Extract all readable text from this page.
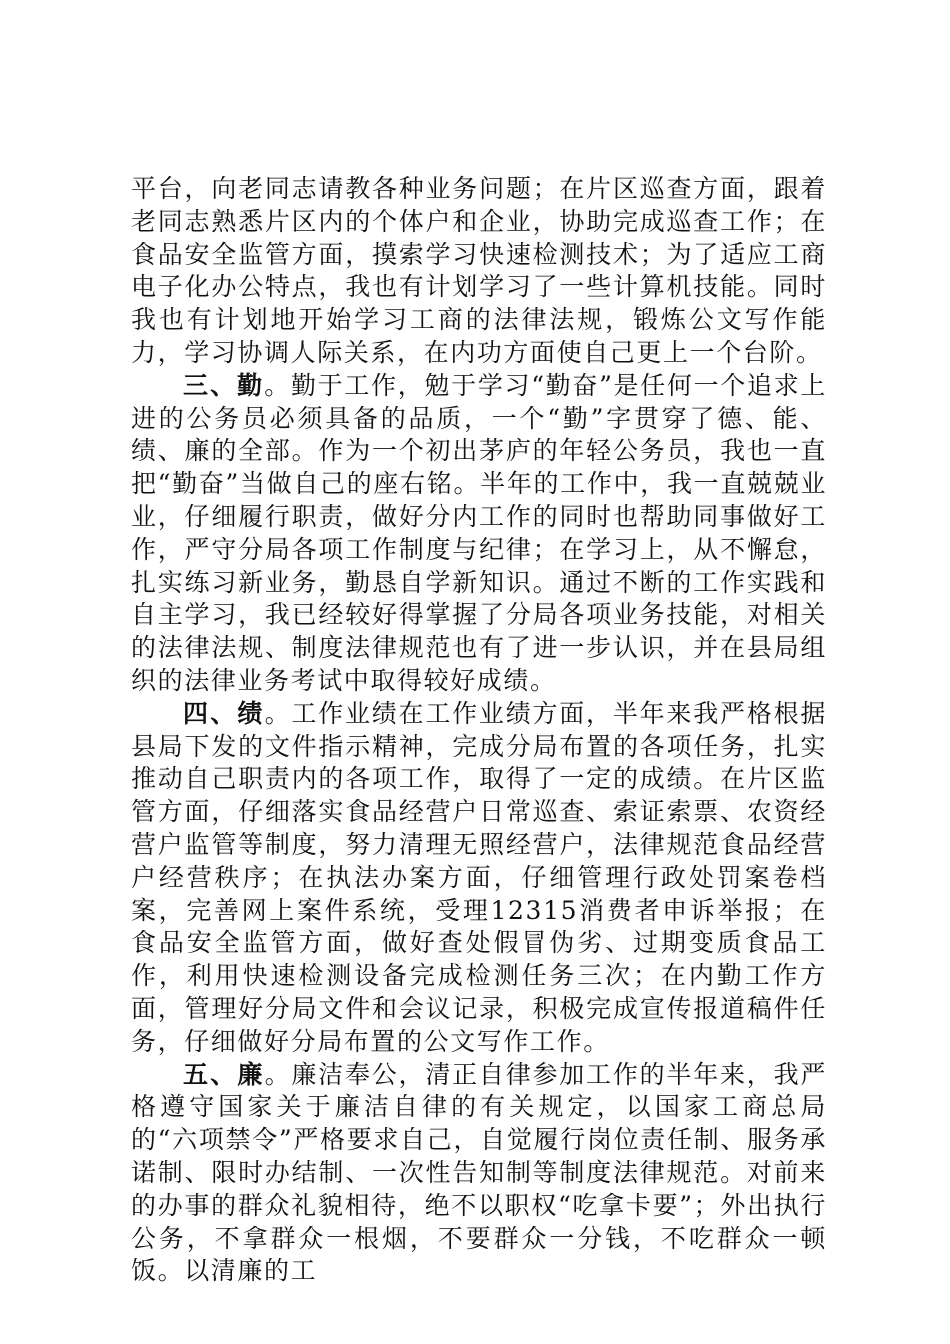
平台，向老同志请教各种业务问题；在片区巡查方面，跟着老同志熟悉片区内的个体户和企业，协助完成巡查工作；在食品安全监管方面，摸索学习快速检测技术；为了适应工商电子化办公特点，我也有计划学习了一些计算机技能。同时我也有计划地开始学习工商的法律法规，锻炼公文写作能力，学习协调人际关系，在内功方面使自己更上一个台阶。

三、勤。勤于工作，勉于学习“勤奋”是任何一个追求上进的公务员必须具备的品质，一个“勤”字贯穿了德、能、绩、廉的全部。作为一个初出茅庐的年轻公务员，我也一直把“勤奋”当做自己的座右铭。半年的工作中，我一直兢兢业业，仔细履行职责，做好分内工作的同时也帮助同事做好工作，严守分局各项工作制度与纪律；在学习上，从不懈怠，扎实练习新业务，勤恳自学新知识。通过不断的工作实践和自主学习，我已经较好得掌握了分局各项业务技能，对相关的法律法规、制度法律规范也有了进一步认识，并在县局组织的法律业务考试中取得较好成绩。

四、绩。工作业绩在工作业绩方面，半年来我严格根据县局下发的文件指示精神，完成分局布置的各项任务，扎实推动自己职责内的各项工作，取得了一定的成绩。在片区监管方面，仔细落实食品经营户日常巡查、索证索票、农资经营户监管等制度，努力清理无照经营户，法律规范食品经营户经营秩序；在执法办案方面，仔细管理行政处罚案卷档案，完善网上案件系统，受理12315消费者申诉举报；在食品安全监管方面，做好查处假冒伪劣、过期变质食品工作，利用快速检测设备完成检测任务三次；在内勤工作方面，管理好分局文件和会议记录，积极完成宣传报道稿件任务，仔细做好分局布置的公文写作工作。

五、廉。廉洁奉公，清正自律参加工作的半年来，我严格遵守国家关于廉洁自律的有关规定，以国家工商总局的“六项禁令”严格要求自己，自觉履行岗位责任制、服务承诺制、限时办结制、一次性告知制等制度法律规范。对前来的办事的群众礼貌相待，绝不以职权“吃拿卡要”；外出执行公务，不拿群众一根烟，不要群众一分钱，不吃群众一顿饭。以清廉的工
